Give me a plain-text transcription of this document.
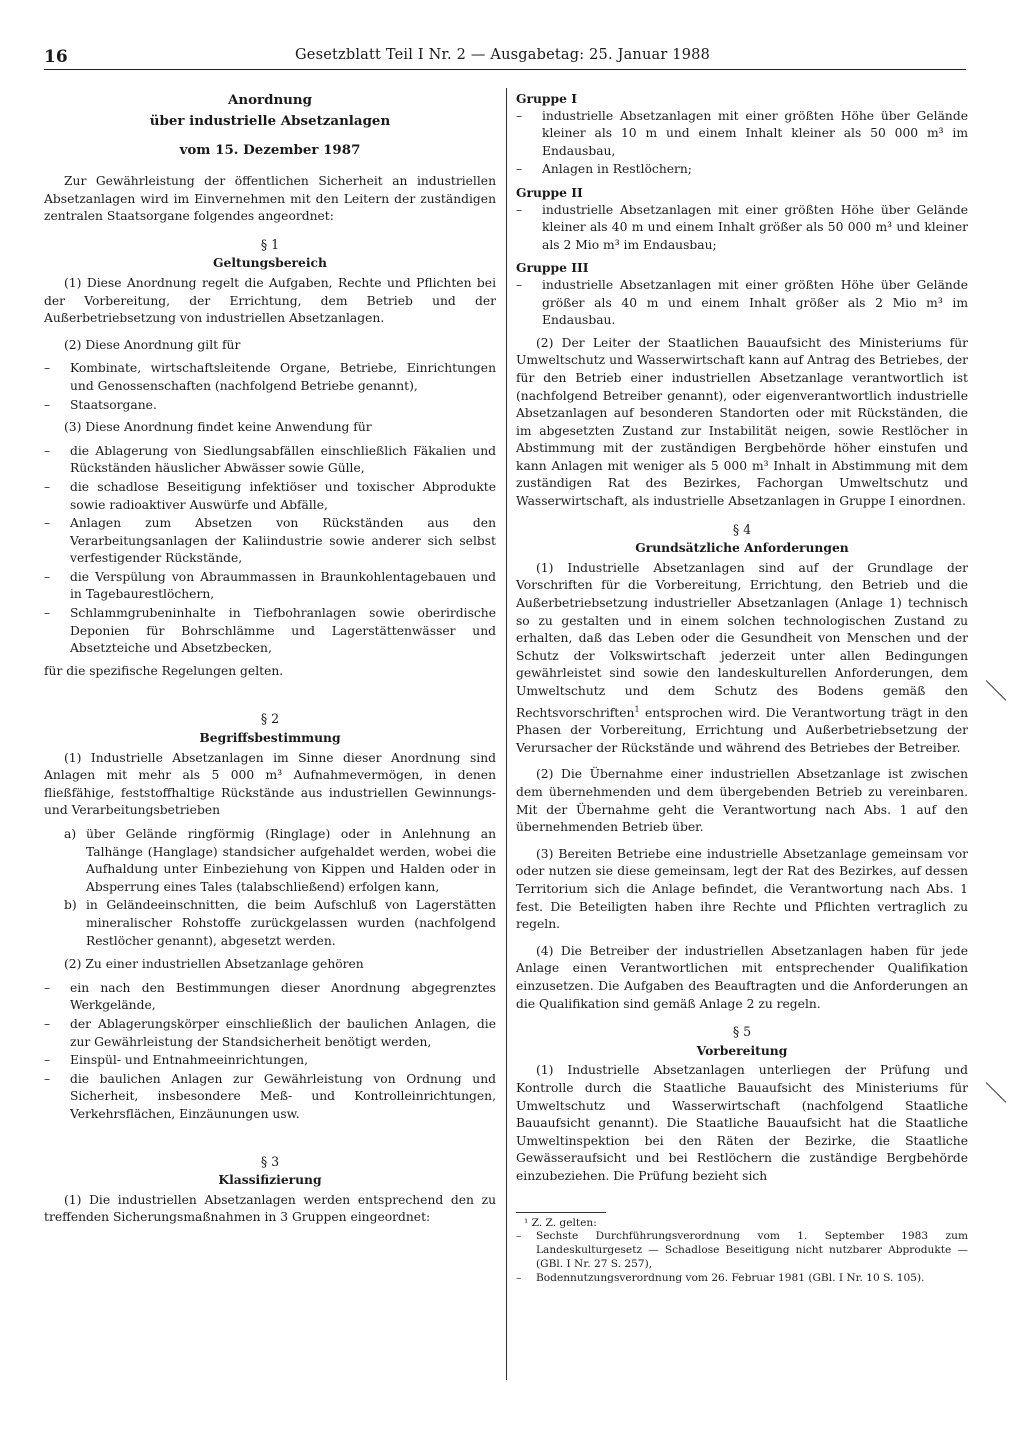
16	Gesetzblatt Teil I Nr. 2 — Ausgabetag: 25. Januar 1988
Anordnung
über industrielle Absetzanlagen
vom 15. Dezember 1987

Zur Gewährleistung der öffentlichen Sicherheit an industriellen Absetzanlagen wird im Einvernehmen mit den Leitern der zuständigen zentralen Staatsorgane folgendes angeordnet:

§ 1
Geltungsbereich

(1) Diese Anordnung regelt die Aufgaben, Rechte und Pflichten bei der Vorbereitung, der Errichtung, dem Betrieb und der Außerbetriebsetzung von industriellen Absetzanlagen.

(2) Diese Anordnung gilt für

– Kombinate, wirtschaftsleitende Organe, Betriebe, Einrichtungen und Genossenschaften (nachfolgend Betriebe genannt),
– Staatsorgane.

(3) Diese Anordnung findet keine Anwendung für

– die Ablagerung von Siedlungsabfällen einschließlich Fäkalien und Rückständen häuslicher Abwässer sowie Gülle,
– die schadlose Beseitigung infektiöser und toxischer Abprodukte sowie radioaktiver Auswürfe und Abfälle,
– Anlagen zum Absetzen von Rückständen aus den Verarbeitungsanlagen der Kaliindustrie sowie anderer sich selbst verfestigender Rückstände,
– die Verspülung von Abraummassen in Braunkohlentagebauen und in Tagebaurestlöchern,
– Schlammgrubeninhalte in Tiefbohranlagen sowie oberirdische Deponien für Bohrschlämme und Lagerstättenwässer und Absetzteiche und Absetzbecken,

für die spezifische Regelungen gelten.

§ 2
Begriffsbestimmung

(1) Industrielle Absetzanlagen im Sinne dieser Anordnung sind Anlagen mit mehr als 5 000 m³ Aufnahmevermögen, in denen fließfähige, feststoffhaltige Rückstände aus industriellen Gewinnungs- und Verarbeitungsbetrieben

a) über Gelände ringförmig (Ringlage) oder in Anlehnung an Talhänge (Hanglage) standsicher aufgehaldet werden, wobei die Aufhaldung unter Einbeziehung von Kippen und Halden oder in Absperrung eines Tales (talabschließend) erfolgen kann,
b) in Geländeeinschnitten, die beim Aufschluß von Lagerstätten mineralischer Rohstoffe zurückgelassen wurden (nachfolgend Restlöcher genannt), abgesetzt werden.

(2) Zu einer industriellen Absetzanlage gehören

– ein nach den Bestimmungen dieser Anordnung abgegrenztes Werkgelände,
– der Ablagerungskörper einschließlich der baulichen Anlagen, die zur Gewährleistung der Standsicherheit benötigt werden,
– Einspül- und Entnahmeeinrichtungen,
– die baulichen Anlagen zur Gewährleistung von Ordnung und Sicherheit, insbesondere Meß- und Kontrolleinrichtungen, Verkehrsflächen, Einzäunungen usw.
§ 3
Klassifizierung

(1) Die industriellen Absetzanlagen werden entsprechend den zu treffenden Sicherungsmaßnahmen in 3 Gruppen eingeordnet:

Gruppe I
– industrielle Absetzanlagen mit einer größten Höhe über Gelände kleiner als 10 m und einem Inhalt kleiner als 50 000 m³ im Endausbau,
– Anlagen in Restlöchern;
Gruppe II
– industrielle Absetzanlagen mit einer größten Höhe über Gelände kleiner als 40 m und einem Inhalt größer als 50 000 m³ und kleiner als 2 Mio m³ im Endausbau;
Gruppe III
– industrielle Absetzanlagen mit einer größten Höhe über Gelände größer als 40 m und einem Inhalt größer als 2 Mio m³ im Endausbau.

(2) Der Leiter der Staatlichen Bauaufsicht des Ministeriums für Umweltschutz und Wasserwirtschaft kann auf Antrag des Betriebes, der für den Betrieb einer industriellen Absetzanlage verantwortlich ist (nachfolgend Betreiber genannt), oder eigenverantwortlich industrielle Absetzanlagen auf besonderen Standorten oder mit Rückständen, die im abgesetzten Zustand zur Instabilität neigen, sowie Restlöcher in Abstimmung mit der zuständigen Bergbehörde höher einstufen und kann Anlagen mit weniger als 5 000 m³ Inhalt in Abstimmung mit dem zuständigen Rat des Bezirkes, Fachorgan Umweltschutz und Wasserwirtschaft, als industrielle Absetzanlagen in Gruppe I einordnen.

§ 4
Grundsätzliche Anforderungen

(1) Industrielle Absetzanlagen sind auf der Grundlage der Vorschriften für die Vorbereitung, Errichtung, den Betrieb und die Außerbetriebsetzung industrieller Absetzanlagen (Anlage 1) technisch so zu gestalten und in einem solchen technologischen Zustand zu erhalten, daß das Leben oder die Gesundheit von Menschen und der Schutz der Volkswirtschaft jederzeit unter allen Bedingungen gewährleistet sind sowie den landeskulturellen Anforderungen, dem Umweltschutz und dem Schutz des Bodens gemäß den Rechtsvorschriften$^1$ entsprochen wird. Die Verantwortung trägt in den Phasen der Vorbereitung, Errichtung und Außerbetriebsetzung der Verursacher der Rückstände und während des Betriebes der Betreiber.

(2) Die Übernahme einer industriellen Absetzanlage ist zwischen dem übernehmenden und dem übergebenden Betrieb zu vereinbaren. Mit der Übernahme geht die Verantwortung nach Abs. 1 auf den übernehmenden Betrieb über.

(3) Bereiten Betriebe eine industrielle Absetzanlage gemeinsam vor oder nutzen sie diese gemeinsam, legt der Rat des Bezirkes, auf dessen Territorium sich die Anlage befindet, die Verantwortung nach Abs. 1 fest. Die Beteiligten haben ihre Rechte und Pflichten vertraglich zu regeln.

(4) Die Betreiber der industriellen Absetzanlagen haben für jede Anlage einen Verantwortlichen mit entsprechender Qualifikation einzusetzen. Die Aufgaben des Beauftragten und die Anforderungen an die Qualifikation sind gemäß Anlage 2 zu regeln.

§ 5
Vorbereitung

(1) Industrielle Absetzanlagen unterliegen der Prüfung und Kontrolle durch die Staatliche Bauaufsicht des Ministeriums für Umweltschutz und Wasserwirtschaft (nachfolgend Staatliche Bauaufsicht genannt). Die Staatliche Bauaufsicht hat die Staatliche Umweltinspektion bei den Räten der Bezirke, die Staatliche Gewässeraufsicht und bei Restlöchern die zuständige Bergbehörde einzubeziehen. Die Prüfung bezieht sich

¹ Z. Z. gelten:

– Sechste Durchführungsverordnung vom 1. September 1983 zum Landeskulturgesetz — Schadlose Beseitigung nicht nutzbarer Abprodukte — (GBl. I Nr. 27 S. 257),

– Bodennutzungsverordnung vom 26. Februar 1981 (GBl. I Nr. 10 S. 105).
